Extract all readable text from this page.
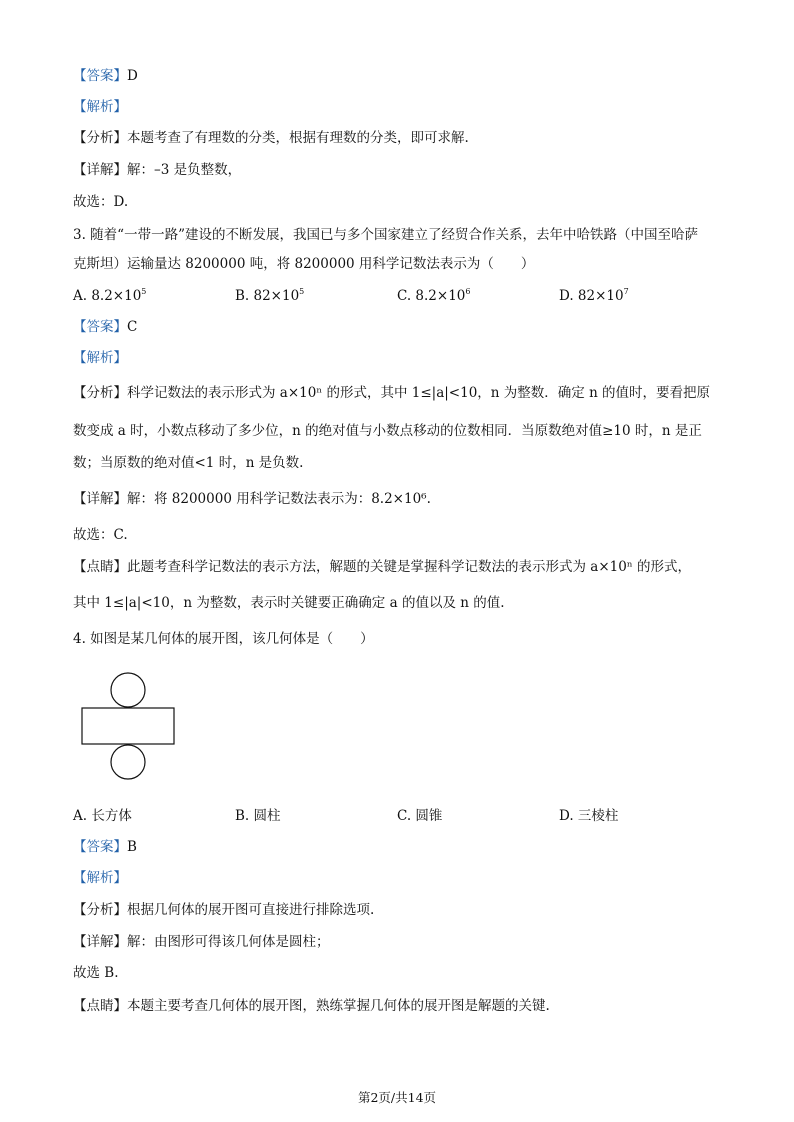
【答案】D
【解析】
【分析】本题考查了有理数的分类，根据有理数的分类，即可求解.
【详解】解：–3 是负整数，
故选：D.
3. 随着“一带一路”建设的不断发展，我国已与多个国家建立了经贸合作关系，去年中哈铁路（中国至哈萨
克斯坦）运输量达 8200000 吨，将 8200000 用科学记数法表示为（　　）
A. $8.2\times 10^5$	B. $82\times 10^5$	C. $8.2\times 10^6$	D. $82\times 10^7$
【答案】C
【解析】
【分析】科学记数法的表示形式为 a×10ⁿ 的形式，其中 1≤|a|<10，n 为整数．确定 n 的值时，要看把原
数变成 a 时，小数点移动了多少位，n 的绝对值与小数点移动的位数相同．当原数绝对值≥10 时，n 是正
数；当原数的绝对值<1 时，n 是负数.
【详解】解：将 8200000 用科学记数法表示为：8.2×10⁶.
故选：C.
【点睛】此题考查科学记数法的表示方法，解题的关键是掌握科学记数法的表示形式为 a×10ⁿ 的形式，
其中 1≤|a|<10，n 为整数，表示时关键要正确确定 a 的值以及 n 的值.
4. 如图是某几何体的展开图，该几何体是（　　）
A. 长方体	B. 圆柱	C. 圆锥	D. 三棱柱
【答案】B
【解析】
【分析】根据几何体的展开图可直接进行排除选项.
【详解】解：由图形可得该几何体是圆柱；
故选 B.
【点睛】本题主要考查几何体的展开图，熟练掌握几何体的展开图是解题的关键.
第2页/共14页
